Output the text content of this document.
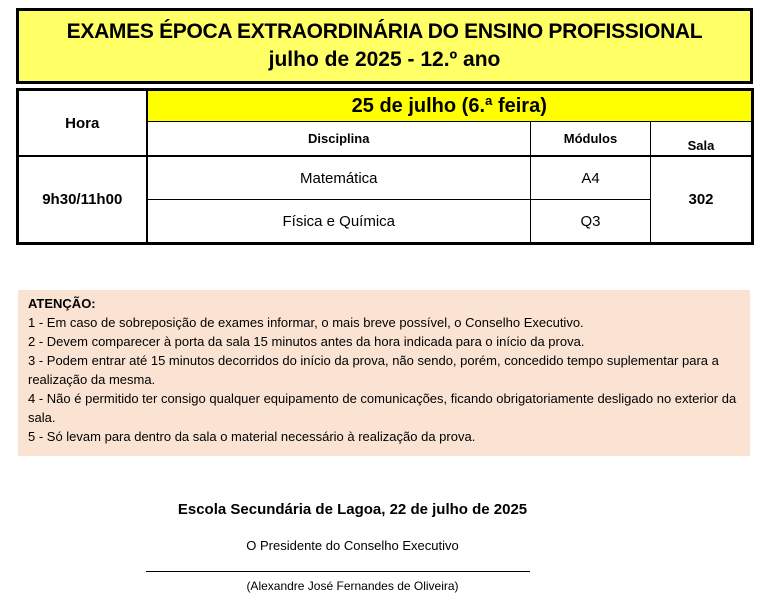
EXAMES ÉPOCA EXTRAORDINÁRIA DO ENSINO PROFISSIONAL
julho de 2025 - 12.º ano
Hora	25 de julho (6.ª feira)		
	Disciplina	Módulos	Sala
9h30/11h00	Matemática	A4	302
	Física e Química	Q3	
ATENÇÃO:
1 - Em caso de sobreposição de exames informar, o mais breve possível, o Conselho Executivo.
2 - Devem comparecer à porta da sala 15 minutos antes da hora indicada para o início da prova.
3 - Podem entrar até 15 minutos decorridos do início da prova, não sendo, porém, concedido tempo suplementar para a realização da mesma.
4 - Não é permitido ter consigo qualquer equipamento de comunicações, ficando obrigatoriamente desligado no exterior da sala.
5 - Só levam para dentro da sala o material necessário à realização da prova.
Escola Secundária de Lagoa, 22 de julho de 2025
O Presidente do Conselho Executivo
(Alexandre José Fernandes de Oliveira)
